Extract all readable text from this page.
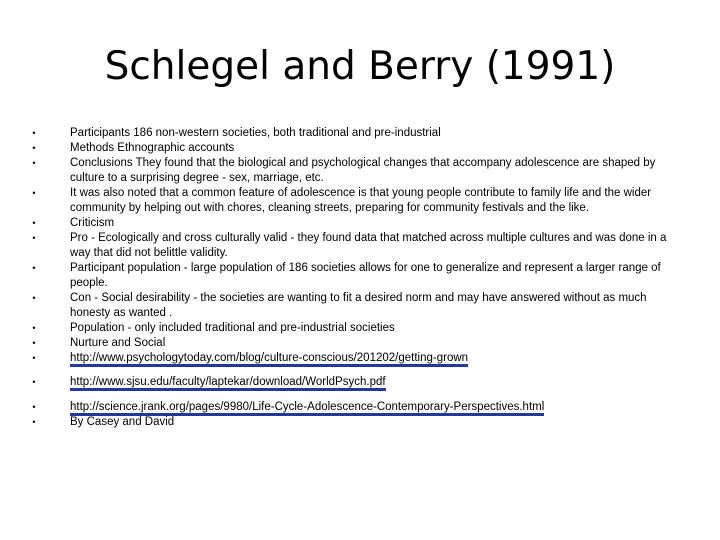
Schlegel and Berry (1991)
•	Participants 186 non-western societies, both traditional and pre-industrial
•	Methods Ethnographic accounts
•	Conclusions They found that the biological and psychological changes that accompany adolescence are shaped by culture to a surprising degree - sex, marriage, etc.
•	It was also noted that a common feature of adolescence is that young people contribute to family life and the wider community by helping out with chores, cleaning streets, preparing for community festivals and the like.
•	Criticism
•	Pro - Ecologically and cross culturally valid - they found data that matched across multiple cultures and was done in a way that did not belittle validity.
•	Participant population - large population of 186 societies allows for one to generalize and represent a larger range of people.
•	Con - Social desirability - the societies are wanting to fit a desired norm and may have answered without as much honesty as wanted .
•	Population - only included traditional and pre-industrial societies
•	Nurture and Social
•	http://www.psychologytoday.com/blog/culture-conscious/201202/getting-grown
•	http://www.sjsu.edu/faculty/laptekar/download/WorldPsych.pdf
•	http://science.jrank.org/pages/9980/Life-Cycle-Adolescence-Contemporary-Perspectives.html
•	By Casey and David
